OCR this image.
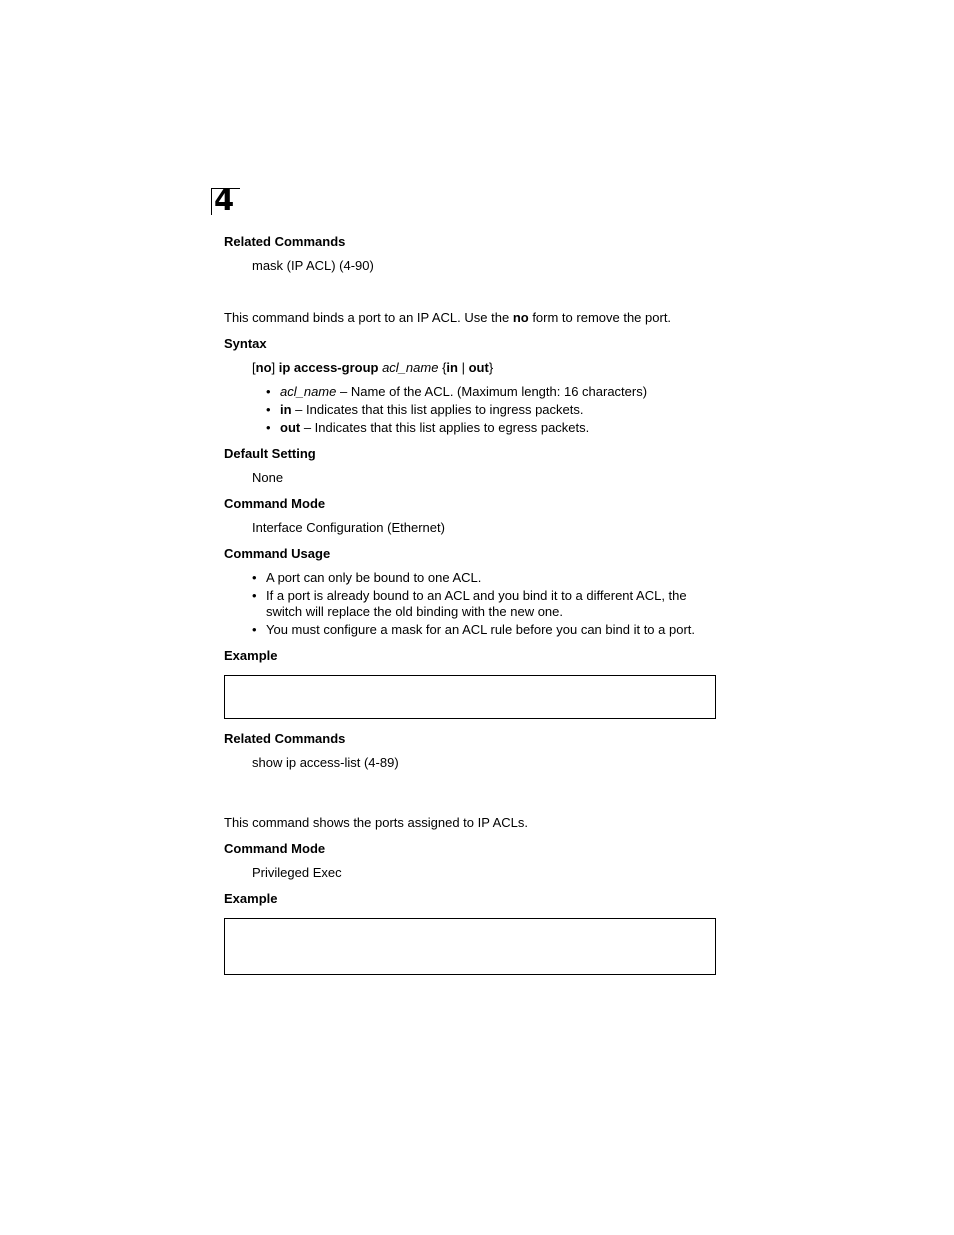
4
Related Commands
mask (IP ACL) (4-90)
This command binds a port to an IP ACL. Use the no form to remove the port.
Syntax
[no] ip access-group acl_name {in | out}
• acl_name – Name of the ACL. (Maximum length: 16 characters)
• in – Indicates that this list applies to ingress packets.
• out – Indicates that this list applies to egress packets.
Default Setting
None
Command Mode
Interface Configuration (Ethernet)
Command Usage
• A port can only be bound to one ACL.
• If a port is already bound to an ACL and you bind it to a different ACL, the
switch will replace the old binding with the new one.
• You must configure a mask for an ACL rule before you can bind it to a port.
Example
Related Commands
show ip access-list (4-89)
This command shows the ports assigned to IP ACLs.
Command Mode
Privileged Exec
Example
